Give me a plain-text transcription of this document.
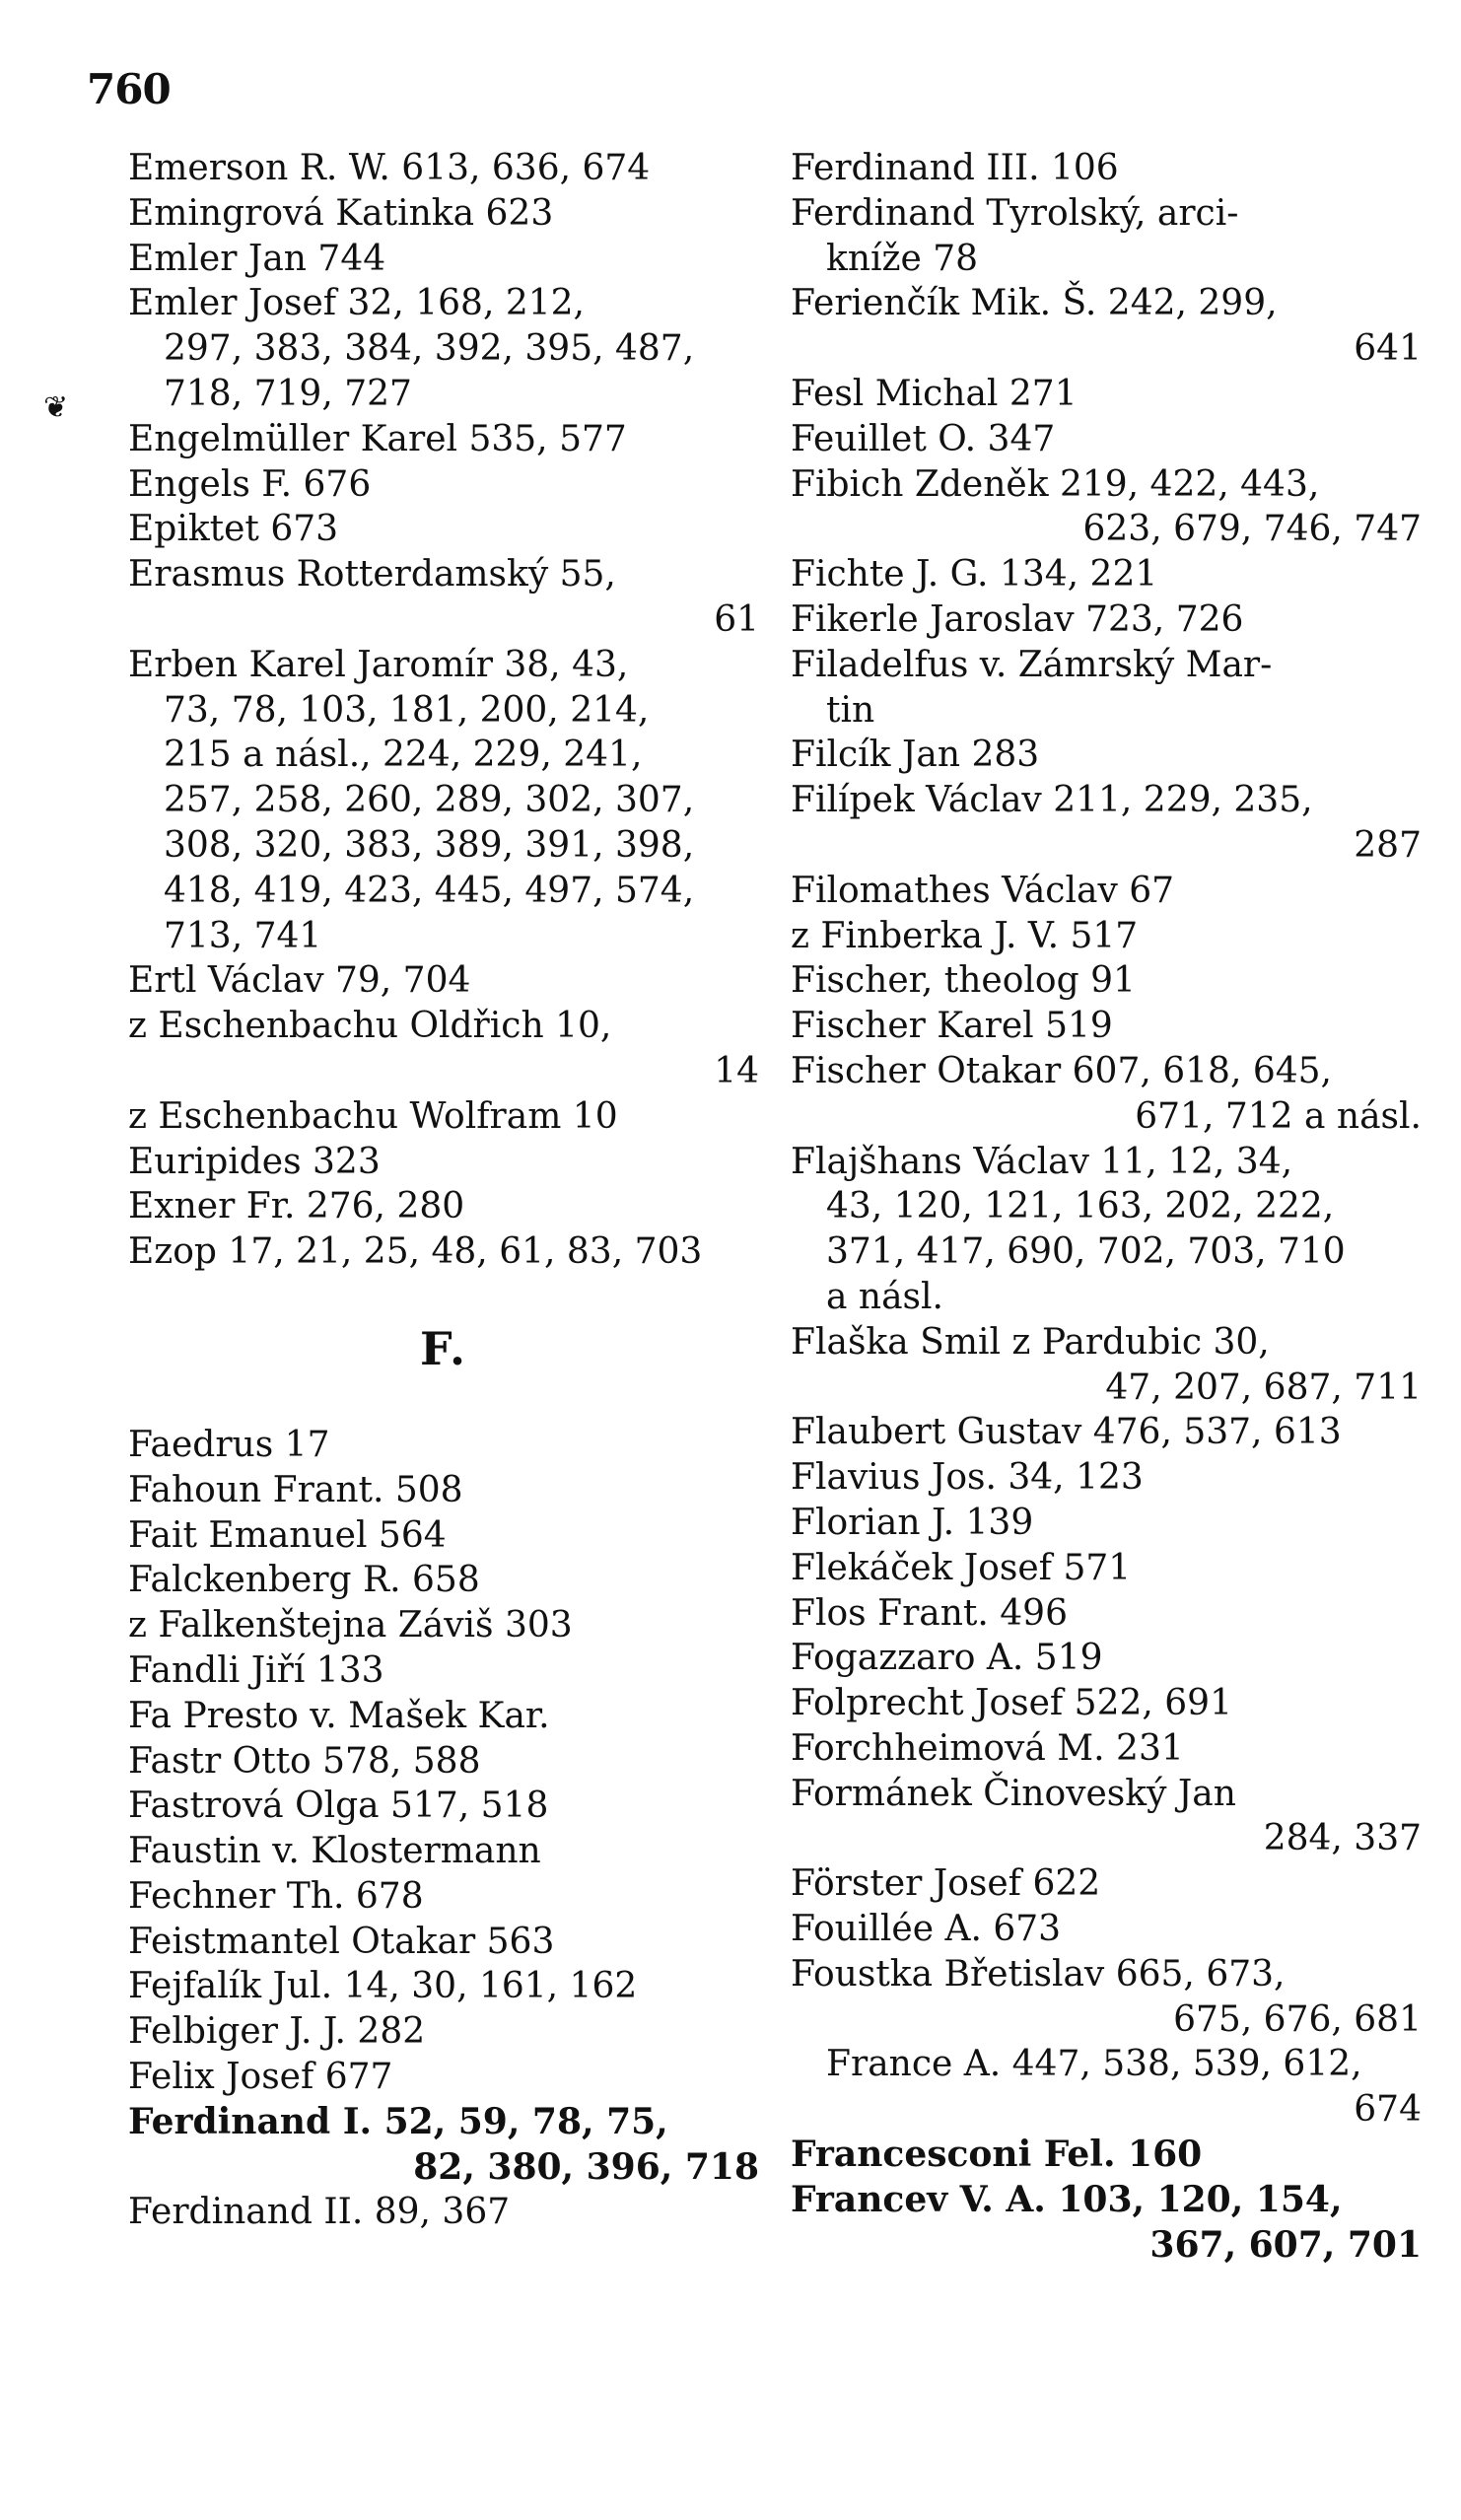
760
❦
Emerson R. W. 613, 636, 674
Emingrová Katinka 623
Emler Jan 744
Emler Josef 32, 168, 212,
297, 383, 384, 392, 395, 487,
718, 719, 727
Engelmüller Karel 535, 577
Engels F. 676
Epiktet 673
Erasmus Rotterdamský 55,
61
Erben Karel Jaromír 38, 43,
73, 78, 103, 181, 200, 214,
215 a násl., 224, 229, 241,
257, 258, 260, 289, 302, 307,
308, 320, 383, 389, 391, 398,
418, 419, 423, 445, 497, 574,
713, 741
Ertl Václav 79, 704
z Eschenbachu Oldřich 10,
14
z Eschenbachu Wolfram 10
Euripides 323
Exner Fr. 276, 280
Ezop 17, 21, 25, 48, 61, 83, 703
F.
Faedrus 17
Fahoun Frant. 508
Fait Emanuel 564
Falckenberg R. 658
z Falkenštejna Záviš 303
Fandli Jiří 133
Fa Presto v. Mašek Kar.
Fastr Otto 578, 588
Fastrová Olga 517, 518
Faustin v. Klostermann
Fechner Th. 678
Feistmantel Otakar 563
Fejfalík Jul. 14, 30, 161, 162
Felbiger J. J. 282
Felix Josef 677
Ferdinand I. 52, 59, 78, 75,
82, 380, 396, 718
Ferdinand II. 89, 367
Ferdinand III. 106
Ferdinand Tyrolský, arci-
kníže 78
Ferienčík Mik. Š. 242, 299,
641
Fesl Michal 271
Feuillet O. 347
Fibich Zdeněk 219, 422, 443,
623, 679, 746, 747
Fichte J. G. 134, 221
Fikerle Jaroslav 723, 726
Filadelfus v. Zámrský Mar-
tin
Filcík Jan 283
Filípek Václav 211, 229, 235,
287
Filomathes Václav 67
z Finberka J. V. 517
Fischer, theolog 91
Fischer Karel 519
Fischer Otakar 607, 618, 645,
671, 712 a násl.
Flajšhans Václav 11, 12, 34,
43, 120, 121, 163, 202, 222,
371, 417, 690, 702, 703, 710
a násl.
Flaška Smil z Pardubic 30,
47, 207, 687, 711
Flaubert Gustav 476, 537, 613
Flavius Jos. 34, 123
Florian J. 139
Flekáček Josef 571
Flos Frant. 496
Fogazzaro A. 519
Folprecht Josef 522, 691
Forchheimová M. 231
Formánek Činoveský Jan
284, 337
Förster Josef 622
Fouillée A. 673
Foustka Břetislav 665, 673,
675, 676, 681
France A. 447, 538, 539, 612,
674
Francesconi Fel. 160
Francev V. A. 103, 120, 154,
367, 607, 701
